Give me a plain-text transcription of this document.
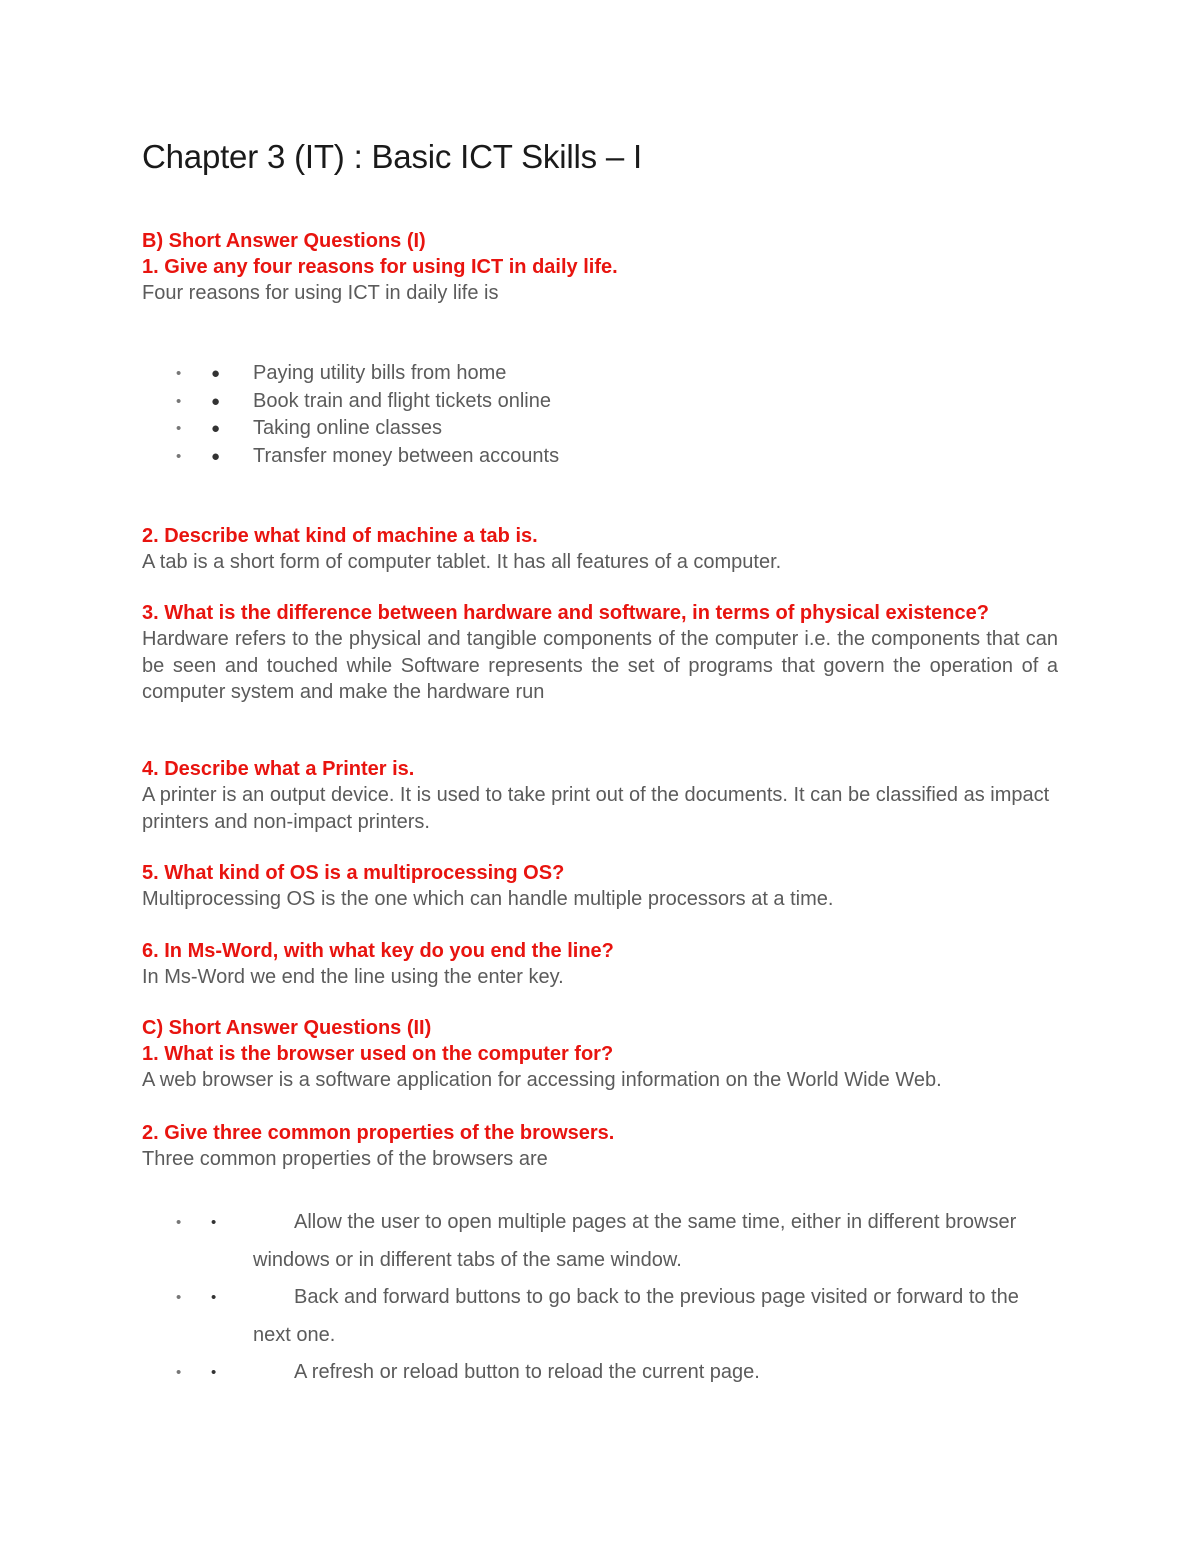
Chapter 3 (IT) : Basic ICT Skills – I

B) Short Answer Questions (I)

1. Give any four reasons for using ICT in daily life.

Four reasons for using ICT in daily life is

• ● Paying utility bills from home
• ● Book train and flight tickets online
• ● Taking online classes
• ● Transfer money between accounts

2. Describe what kind of machine a tab is.

A tab is a short form of computer tablet. It has all features of a computer.

3. What is the difference between hardware and software, in terms of physical existence?

Hardware refers to the physical and tangible components of the computer i.e. the components that can be seen and touched while Software represents the set of programs that govern the operation of a computer system and make the hardware run

4. Describe what a Printer is.

A printer is an output device. It is used to take print out of the documents. It can be classified as impact printers and non-impact printers.

5. What kind of OS is a multiprocessing OS?

Multiprocessing OS is the one which can handle multiple processors at a time.

6. In Ms-Word, with what key do you end the line?

In Ms-Word we end the line using the enter key.

C) Short Answer Questions (II)

1. What is the browser used on the computer for?

A web browser is a software application for accessing information on the World Wide Web.

2. Give three common properties of the browsers.

Three common properties of the browsers are

• •	Allow the user to open multiple pages at the same time, either in different browser windows or in different tabs of the same window.
• •	Back and forward buttons to go back to the previous page visited or forward to the next one.
• •	A refresh or reload button to reload the current page.
